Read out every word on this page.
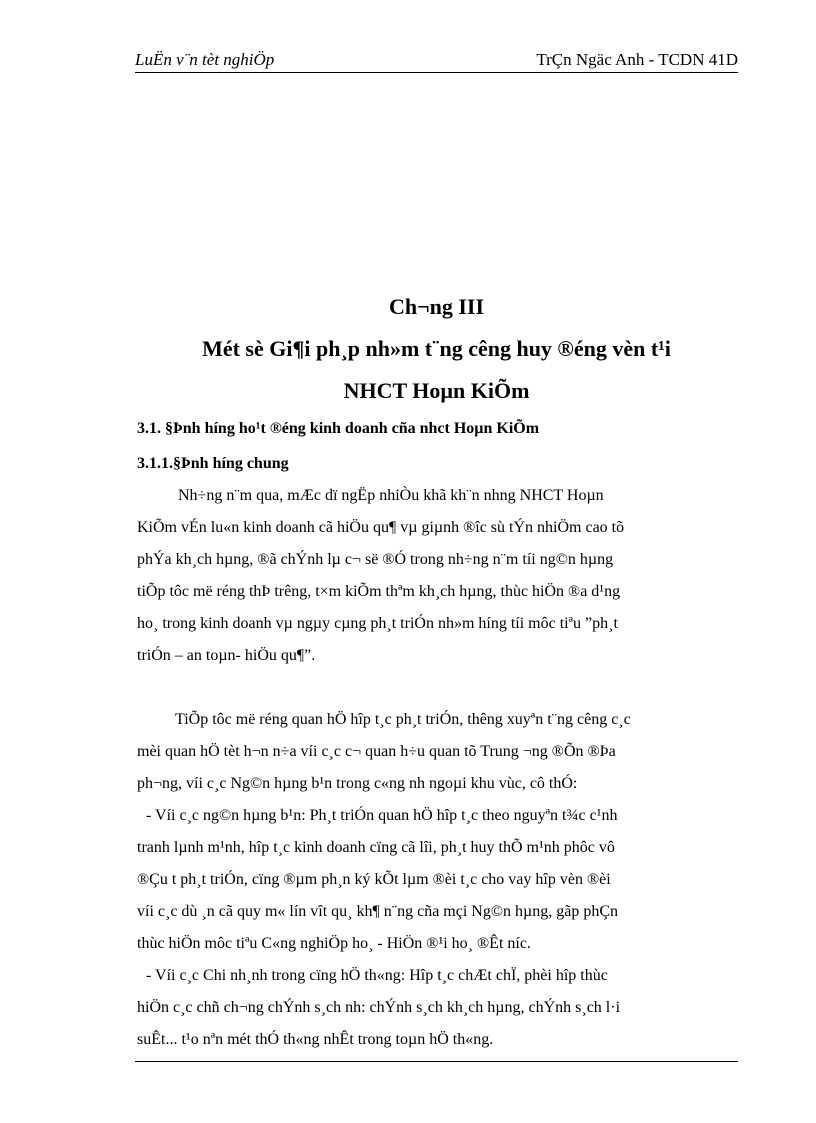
LuËn v¨n tèt nghiÖp	TrÇn Ngäc Anh - TCDN 41D
Ch¬ng III
Mét sè Gi¶i ph¸p nh»m t¨ng cêng huy ®éng vèn t¹i
NHCT Hoµn KiÕm
3.1. §Þnh híng ho¹t ®éng kinh doanh cña nhct Hoµn KiÕm
3.1.1.§Þnh híng chung
Nh÷ng n¨m qua, mÆc dï ngËp nhiÒu khã kh¨n nhng NHCT Hoµn
KiÕm vÉn lu«n kinh doanh cã hiÖu qu¶ vµ giµnh ®îc sù tÝn nhiÖm cao tõ
phÝa kh¸ch hµng, ®ã chÝnh lµ c¬ së ®Ó trong nh÷ng n¨m tíi ng©n hµng
tiÕp tôc më réng thÞ trêng, t×m kiÕm thªm kh¸ch hµng, thùc hiÖn ®a d¹ng
ho¸ trong kinh doanh vµ ngµy cµng ph¸t triÓn nh»m híng tíi môc tiªu ”ph¸t
triÓn – an toµn- hiÖu qu¶”.
TiÕp tôc më réng quan hÖ hîp t¸c ph¸t triÓn, thêng xuyªn t¨ng cêng c¸c
mèi quan hÖ tèt h¬n n÷a víi c¸c c¬ quan h÷u quan tõ Trung ¬ng ®Õn ®Þa
ph¬ng, víi c¸c Ng©n hµng b¹n trong c«ng nh ngoµi khu vùc, cô thÓ:
- Víi c¸c ng©n hµng b¹n: Ph¸t triÓn quan hÖ hîp t¸c theo nguyªn t¾c c¹nh
tranh lµnh m¹nh, hîp t¸c kinh doanh cïng cã lîi, ph¸t huy thÕ m¹nh phôc vô
®Çu t ph¸t triÓn, cïng ®µm ph¸n ký kÕt lµm ®èi t¸c cho vay hîp vèn ®èi
víi c¸c dù ¸n cã quy m« lín vît qu¸ kh¶ n¨ng cña mçi Ng©n hµng, gãp phÇn
thùc hiÖn môc tiªu C«ng nghiÖp ho¸ - HiÖn ®¹i ho¸ ®Êt níc.
- Víi c¸c Chi nh¸nh trong cïng hÖ th«ng: Hîp t¸c chÆt chÏ, phèi hîp thùc
hiÖn c¸c chñ ch¬ng chÝnh s¸ch nh: chÝnh s¸ch kh¸ch hµng, chÝnh s¸ch l·i
suÊt... t¹o nªn mét thÓ th«ng nhÊt trong toµn hÖ th«ng.
